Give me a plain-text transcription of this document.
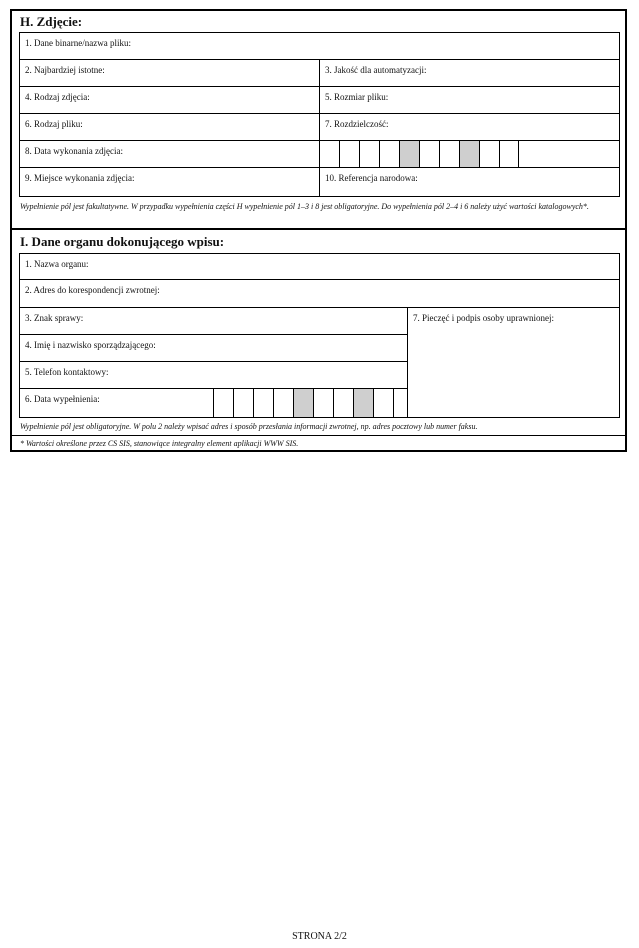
H. Zdjęcie:
1. Dane binarne/nazwa pliku:
2. Najbardziej istotne:	3. Jakość dla automatyzacji:
4. Rodzaj zdjęcia:	5. Rozmiar pliku:
6. Rodzaj pliku:	7. Rozdzielczość:
8. Data wykonania zdjęcia:
9. Miejsce wykonania zdjęcia:	10. Referencja narodowa:
Wypełnienie pól jest fakultatywne. W przypadku wypełnienia części H wypełnienie pól 1–3 i 8 jest obligatoryjne. Do wypełnienia pól 2–4 i 6 należy użyć wartości katalogowych*.
I. Dane organu dokonującego wpisu:
1. Nazwa organu:
2. Adres do korespondencji zwrotnej:
3. Znak sprawy:
4. Imię i nazwisko sporządzającego:
5. Telefon kontaktowy:
6. Data wypełnienia:
7. Pieczęć i podpis osoby uprawnionej:
Wypełnienie pól jest obligatoryjne. W polu 2 należy wpisać adres i sposób przesłania informacji zwrotnej, np. adres pocztowy lub numer faksu.
* Wartości określone przez CS SIS, stanowiące integralny element aplikacji WWW SIS.
STRONA 2/2
